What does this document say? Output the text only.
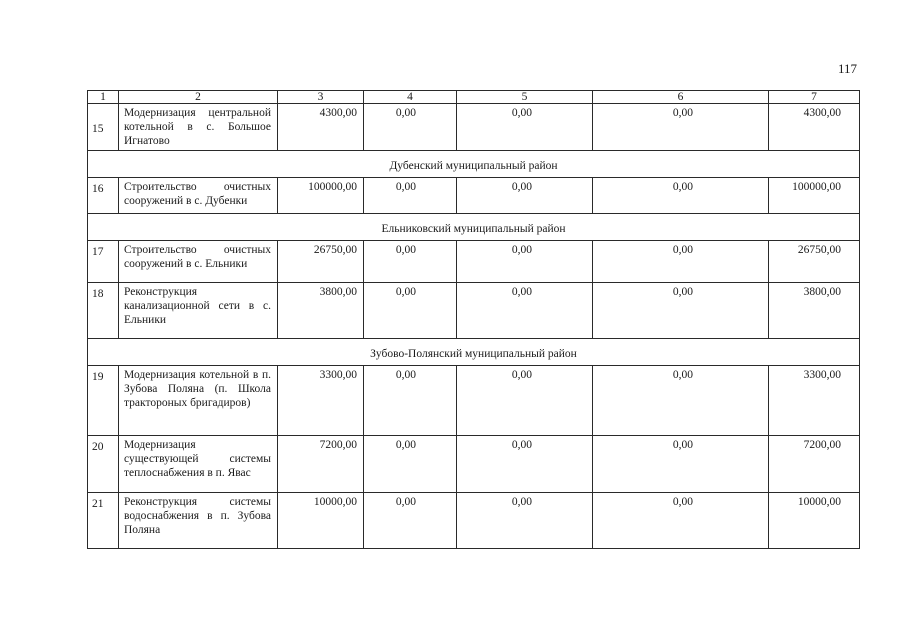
117
1	2	3	4	5	6	7
15	Модернизация центральной котельной в с. Большое Игнатово	4300,00	0,00	0,00	0,00	4300,00
Дубенский муниципальный район						
16	Строительство очистных сооружений в с. Дубенки	100000,00	0,00	0,00	0,00	100000,00
Ельниковский муниципальный район						
17	Строительство очистных сооружений в с. Ельники	26750,00	0,00	0,00	0,00	26750,00
18	Реконструкция канализационной сети в с. Ельники	3800,00	0,00	0,00	0,00	3800,00
Зубово-Полянский муниципальный район						
19	Модернизация котельной в п. Зубова Поляна (п. Школа трактороных бригадиров)	3300,00	0,00	0,00	0,00	3300,00
20	Модернизация существующей системы теплоснабжения в п. Явас	7200,00	0,00	0,00	0,00	7200,00
21	Реконструкция системы водоснабжения в п. Зубова Поляна	10000,00	0,00	0,00	0,00	10000,00
